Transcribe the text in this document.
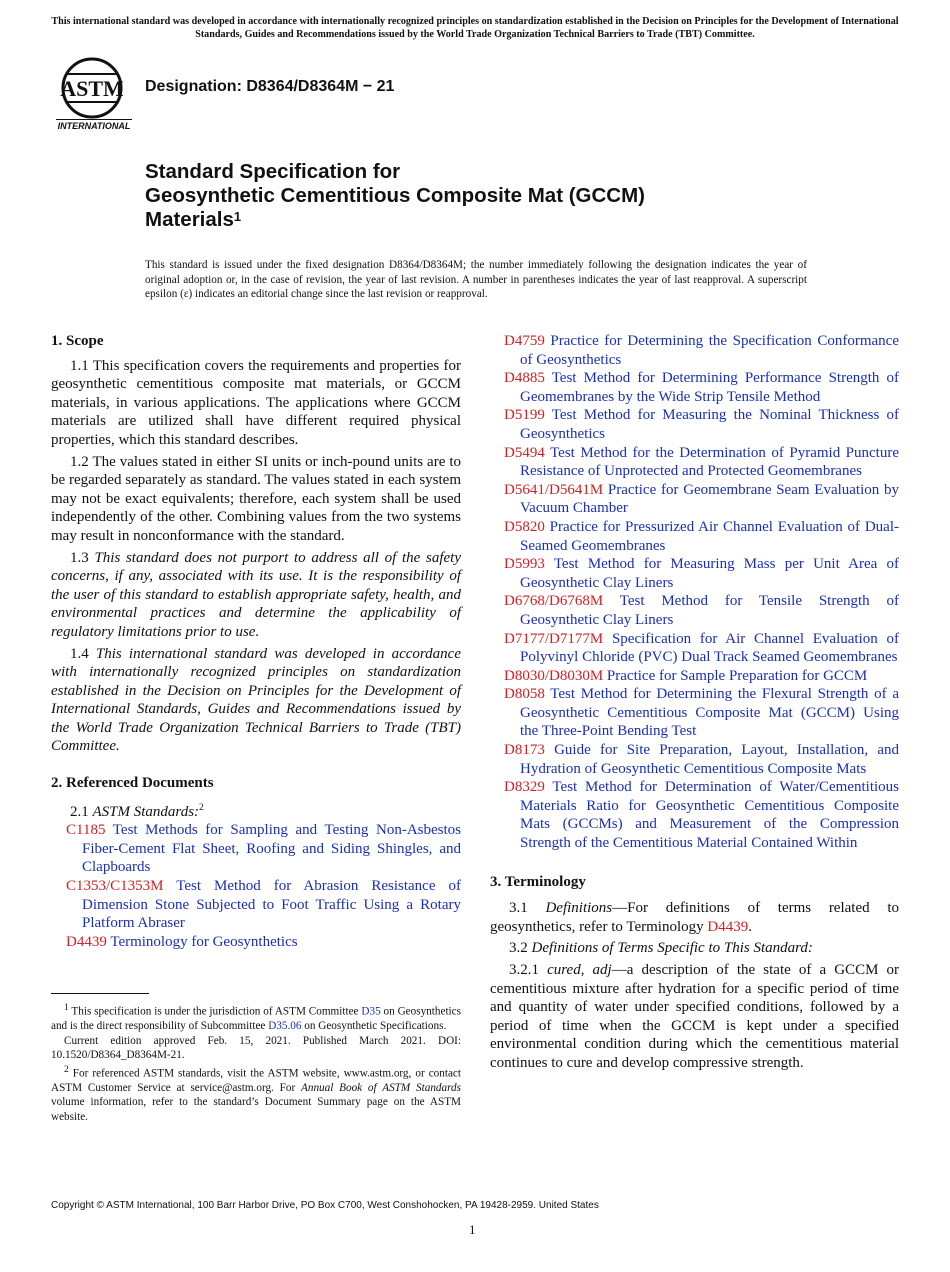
This international standard was developed in accordance with internationally recognized principles on standardization established in the Decision on Principles for the Development of International Standards, Guides and Recommendations issued by the World Trade Organization Technical Barriers to Trade (TBT) Committee.
ASTM
INTERNATIONAL
Designation: D8364/D8364M − 21
Standard Specification for
Geosynthetic Cementitious Composite Mat (GCCM)
Materials$^1$
This standard is issued under the fixed designation D8364/D8364M; the number immediately following the designation indicates the year of original adoption or, in the case of revision, the year of last revision. A number in parentheses indicates the year of last reapproval. A superscript epsilon (ε) indicates an editorial change since the last revision or reapproval.
1. Scope

1.1 This specification covers the requirements and properties for geosynthetic cementitious composite mat materials, or GCCM materials, in various applications. The applications where GCCM materials are utilized shall have different required physical properties, which this standard describes.

1.2 The values stated in either SI units or inch-pound units are to be regarded separately as standard. The values stated in each system may not be exact equivalents; therefore, each system shall be used independently of the other. Combining values from the two systems may result in nonconformance with the standard.

1.3 This standard does not purport to address all of the safety concerns, if any, associated with its use. It is the responsibility of the user of this standard to establish appropriate safety, health, and environmental practices and determine the applicability of regulatory limitations prior to use.

1.4 This international standard was developed in accordance with internationally recognized principles on standardization established in the Decision on Principles for the Development of International Standards, Guides and Recommendations issued by the World Trade Organization Technical Barriers to Trade (TBT) Committee.

2. Referenced Documents

2.1 ASTM Standards:$^2$

C1185 Test Methods for Sampling and Testing Non-Asbestos Fiber-Cement Flat Sheet, Roofing and Siding Shingles, and Clapboards

C1353/C1353M Test Method for Abrasion Resistance of Dimension Stone Subjected to Foot Traffic Using a Rotary Platform Abraser

D4439 Terminology for Geosynthetics

D4759 Practice for Determining the Specification Conformance of Geosynthetics

D4885 Test Method for Determining Performance Strength of Geomembranes by the Wide Strip Tensile Method

D5199 Test Method for Measuring the Nominal Thickness of Geosynthetics

D5494 Test Method for the Determination of Pyramid Puncture Resistance of Unprotected and Protected Geomembranes

D5641/D5641M Practice for Geomembrane Seam Evaluation by Vacuum Chamber

D5820 Practice for Pressurized Air Channel Evaluation of Dual-Seamed Geomembranes

D5993 Test Method for Measuring Mass per Unit Area of Geosynthetic Clay Liners

D6768/D6768M Test Method for Tensile Strength of Geosynthetic Clay Liners

D7177/D7177M Specification for Air Channel Evaluation of Polyvinyl Chloride (PVC) Dual Track Seamed Geomembranes

D8030/D8030M Practice for Sample Preparation for GCCM

D8058 Test Method for Determining the Flexural Strength of a Geosynthetic Cementitious Composite Mat (GCCM) Using the Three-Point Bending Test

D8173 Guide for Site Preparation, Layout, Installation, and Hydration of Geosynthetic Cementitious Composite Mats

D8329 Test Method for Determination of Water/Cementitious Materials Ratio for Geosynthetic Cementitious Composite Mats (GCCMs) and Measurement of the Compression Strength of the Cementitious Material Contained Within

3. Terminology

3.1 Definitions—For definitions of terms related to geosynthetics, refer to Terminology D4439.

3.2 Definitions of Terms Specific to This Standard:

3.2.1 cured, adj—a description of the state of a GCCM or cementitious mixture after hydration for a specific period of time and quantity of water under specified conditions, followed by a period of time when the GCCM is kept under a specified environmental condition during which the cementitious material continues to cure and develop compressive strength.

$^1$ This specification is under the jurisdiction of ASTM Committee D35 on Geosynthetics and is the direct responsibility of Subcommittee D35.06 on Geosynthetic Specifications.

Current edition approved Feb. 15, 2021. Published March 2021. DOI: 10.1520/D8364_D8364M-21.

$^2$ For referenced ASTM standards, visit the ASTM website, www.astm.org, or contact ASTM Customer Service at service@astm.org. For Annual Book of ASTM Standards volume information, refer to the standard’s Document Summary page on the ASTM website.

Copyright © ASTM International, 100 Barr Harbor Drive, PO Box C700, West Conshohocken, PA 19428-2959. United States
1
